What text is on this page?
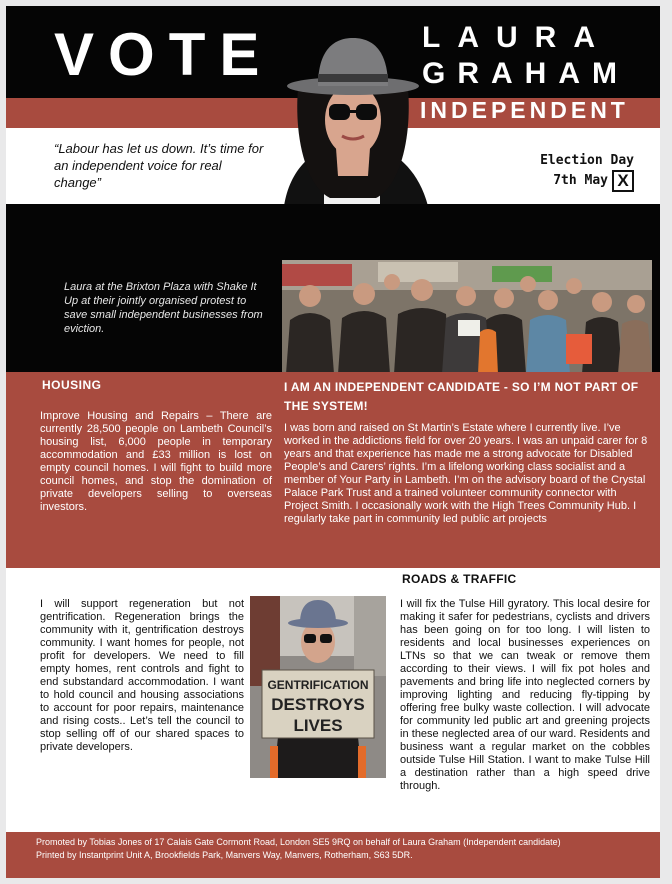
VOTE	LAURA
GRAHAM
INDEPENDENT
“Labour has let us down. It’s time for an independent voice for real change”
Election Day
7th May X
Laura at the Brixton Plaza with Shake It Up at their jointly organised protest to save small independent businesses from eviction.
HOUSING
Improve Housing and Repairs – There are currently 28,500 people on Lambeth Council’s housing list, 6,000 people in temporary accommodation and £33 million is lost on empty council homes. I will fight to build more council homes, and stop the domination of private developers selling to overseas investors.
I AM AN INDEPENDENT CANDIDATE - SO I’M NOT PART OF THE SYSTEM!
I was born and raised on St Martin’s Estate where I currently live. I’ve worked in the addictions field for over 20 years. I was an unpaid carer for 8 years and that experience has made me a strong advocate for Disabled People’s and Carers’ rights. I’m a lifelong working class socialist and a member of Your Party in Lambeth. I’m on the advisory board of the Crystal Palace Park Trust and a trained volunteer community connector with Project Smith. I occasionally work with the High Trees Community Hub. I regularly take part in community led public art projects
I will support regeneration but not gentrification. Regeneration brings the community with it, gentrification destroys community. I want homes for people, not profit for developers. We need to fill empty homes, rent controls and fight to end substandard accommodation. I want to hold council and housing associations to account for poor repairs, maintenance and rising costs.. Let’s tell the council to stop selling off of our shared spaces to private developers.
GENTRIFICATION
DESTROYS
LIVES
ROADS & TRAFFIC
I will fix the Tulse Hill gyratory. This local desire for making it safer for pedestrians, cyclists and drivers has been going on for too long. I will listen to residents and local businesses experiences on LTNs so that we can tweak or remove them according to their views. I will fix pot holes and pavements and bring life into neglected corners by improving lighting and reducing fly-tipping by offering free bulky waste collection. I will advocate for community led public art and greening projects in these neglected area of our ward. Residents and business want a regular market on the cobbles outside Tulse Hill Station. I want to make Tulse Hill a destination rather than a high speed drive through.
Promoted by Tobias Jones of 17 Calais Gate Cormont Road, London SE5 9RQ on behalf of Laura Graham (Independent candidate)
Printed by Instantprint Unit A, Brookfields Park, Manvers Way, Manvers, Rotherham, S63 5DR.
